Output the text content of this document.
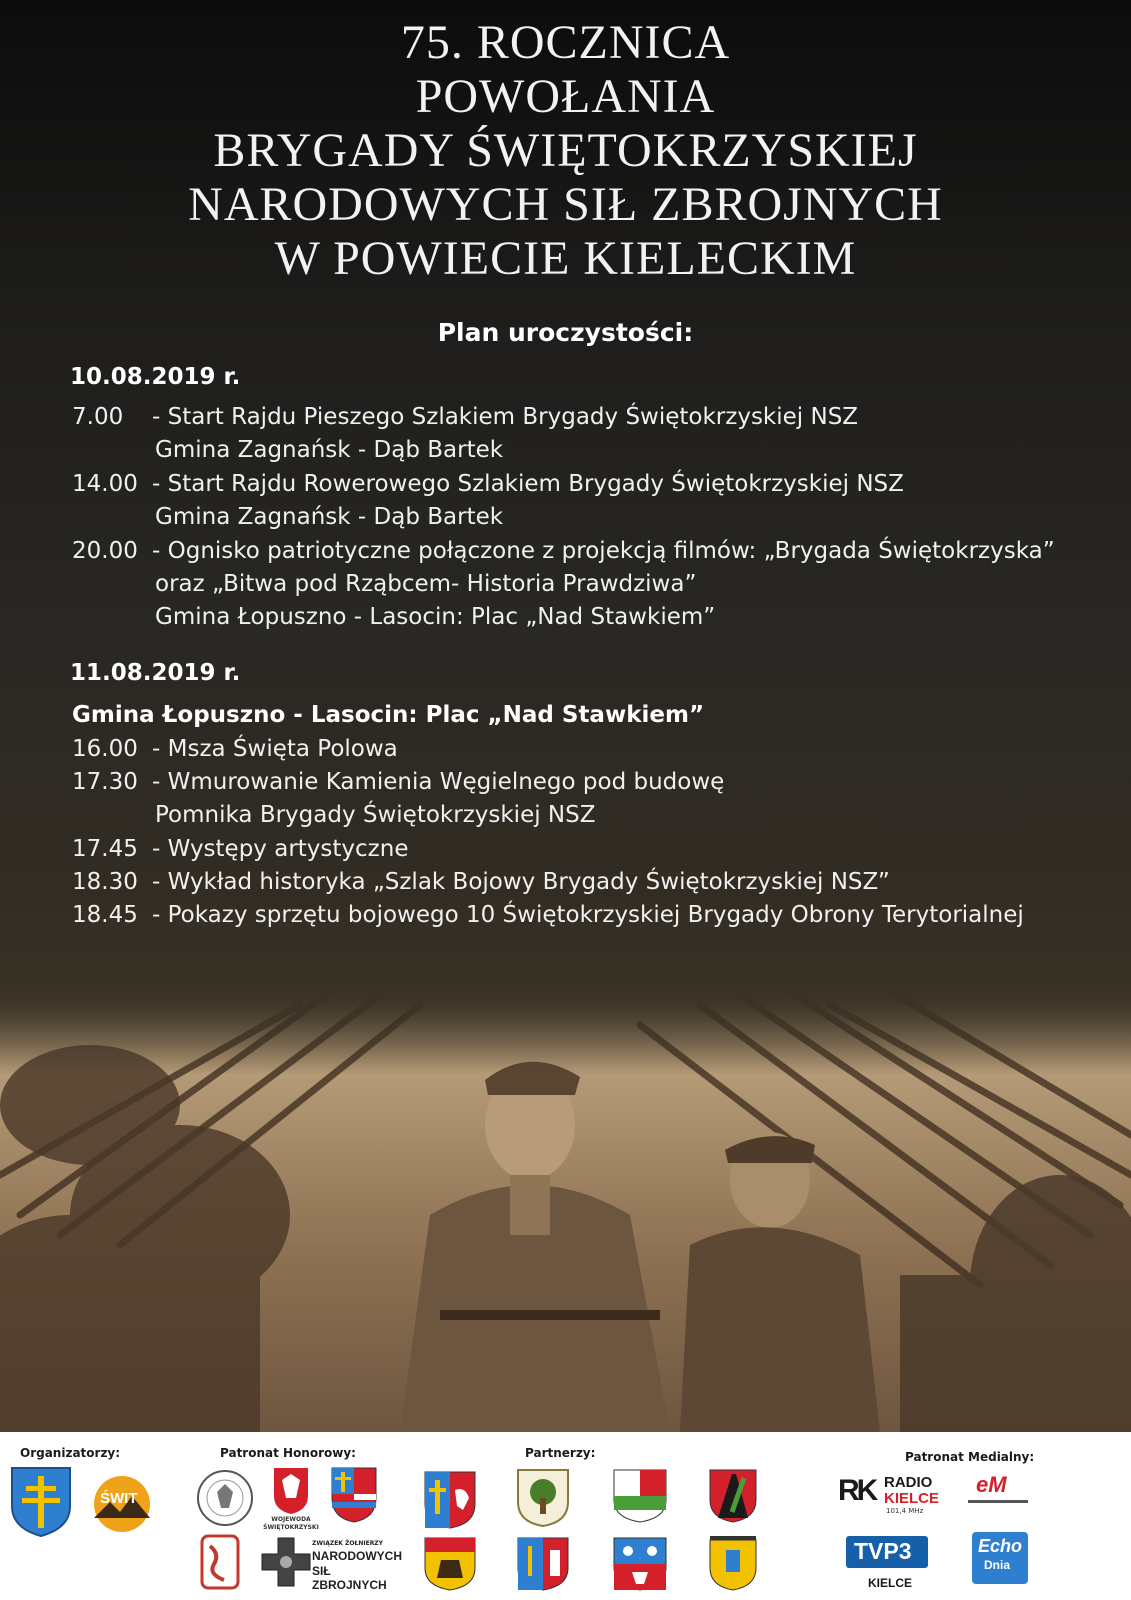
75. ROCZNICA
POWOŁANIA
BRYGADY ŚWIĘTOKRZYSKIEJ
NARODOWYCH SIŁ ZBROJNYCH
W POWIECIE KIELECKIM
Plan uroczystości:
10.08.2019 r.
7.00 - Start Rajdu Pieszego Szlakiem Brygady Świętokrzyskiej NSZ
Gmina Zagnańsk - Dąb Bartek
14.00 - Start Rajdu Rowerowego Szlakiem Brygady Świętokrzyskiej NSZ
Gmina Zagnańsk - Dąb Bartek
20.00 - Ognisko patriotyczne połączone z projekcją filmów: „Brygada Świętokrzyska”
oraz „Bitwa pod Rząbcem- Historia Prawdziwa”
Gmina Łopuszno - Lasocin: Plac „Nad Stawkiem”
11.08.2019 r.
Gmina Łopuszno - Lasocin: Plac „Nad Stawkiem”
16.00 - Msza Święta Polowa
17.30 - Wmurowanie Kamienia Węgielnego pod budowę
Pomnika Brygady Świętokrzyskiej NSZ
17.45 - Występy artystyczne
18.30 - Wykład historyka „Szlak Bojowy Brygady Świętokrzyskiej NSZ”
18.45 - Pokazy sprzętu bojowego 10 Świętokrzyskiej Brygady Obrony Terytorialnej
Organizatorzy:	Patronat Honorowy:	Partnerzy:	Patronat Medialny:
ŚWIT
WOJEWODA ŚWIĘTOKRZYSKI
ZWIĄZEK ŻOŁNIERZY
NARODOWYCH
SIŁ ZBROJNYCH
RK RADIO
KIELCE
101,4 MHz
eM
TVP3
KIELCE
Echo
Dnia
